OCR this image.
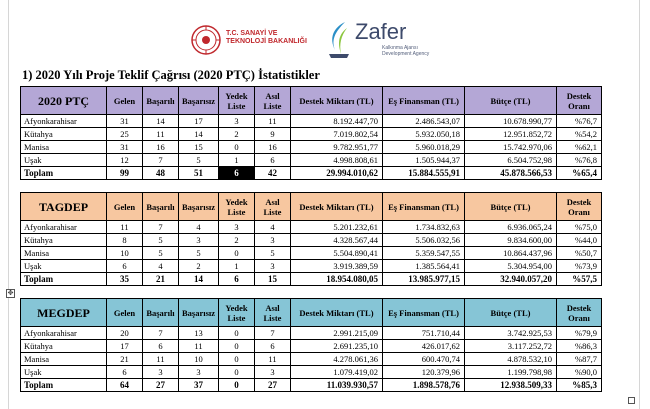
T.C. SANAYİ VE
TEKNOLOJİ BAKANLIĞI	Zafer
Kalkınma Ajansı
Development Agency
1) 2020 Yılı Proje Teklif Çağrısı (2020 PTÇ) İstatistikler
2020 PTÇ	Gelen	Başarılı	Başarısız	Yedek Liste	Asıl Liste	Destek Miktarı (TL)	Eş Finansman (TL)	Bütçe (TL)	Destek Oranı
Afyonkarahisar	31	14	17	3	11	8.192.447,70	2.486.543,07	10.678.990,77	%76,7
Kütahya	25	11	14	2	9	7.019.802,54	5.932.050,18	12.951.852,72	%54,2
Manisa	31	16	15	0	16	9.782.951,77	5.960.018,29	15.742.970,06	%62,1
Uşak	12	7	5	1	6	4.998.808,61	1.505.944,37	6.504.752,98	%76,8
Toplam	99	48	51	6	42	29.994.010,62	15.884.555,91	45.878.566,53	%65,4
TAGDEP	Gelen	Başarılı	Başarısız	Yedek Liste	Asıl Liste	Destek Miktarı (TL)	Eş Finansman (TL)	Bütçe (TL)	Destek Oranı
Afyonkarahisar	11	7	4	3	4	5.201.232,61	1.734.832,63	6.936.065,24	%75,0
Kütahya	8	5	3	2	3	4.328.567,44	5.506.032,56	9.834.600,00	%44,0
Manisa	10	5	5	0	5	5.504.890,41	5.359.547,55	10.864.437,96	%50,7
Uşak	6	4	2	1	3	3.919.389,59	1.385.564,41	5.304.954,00	%73,9
Toplam	35	21	14	6	15	18.954.080,05	13.985.977,15	32.940.057,20	%57,5
✥
MEGDEP	Gelen	Başarılı	Başarısız	Yedek Liste	Asıl Liste	Destek Miktarı (TL)	Eş Finansman (TL)	Bütçe (TL)	Destek Oranı
Afyonkarahisar	20	7	13	0	7	2.991.215,09	751.710,44	3.742.925,53	%79,9
Kütahya	17	6	11	0	6	2.691.235,10	426.017,62	3.117.252,72	%86,3
Manisa	21	11	10	0	11	4.278.061,36	600.470,74	4.878.532,10	%87,7
Uşak	6	3	3	0	3	1.079.419,02	120.379,96	1.199.798,98	%90,0
Toplam	64	27	37	0	27	11.039.930,57	1.898.578,76	12.938.509,33	%85,3
